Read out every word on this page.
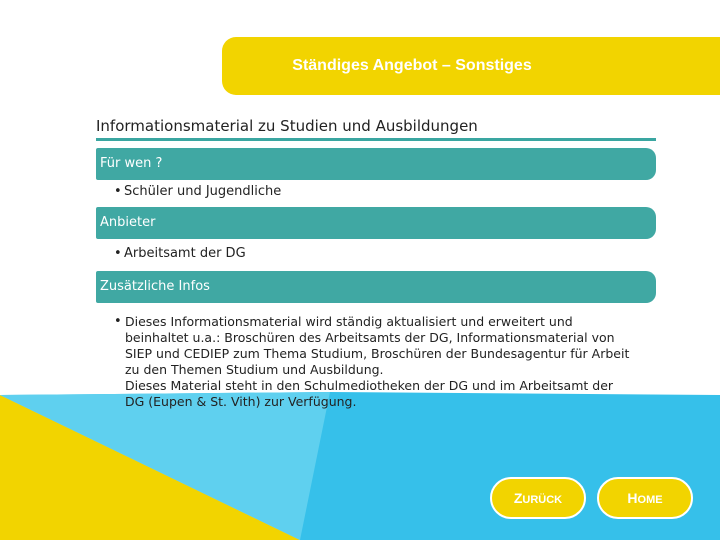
Ständiges Angebot – Sonstiges
Informationsmaterial zu Studien und Ausbildungen
Für wen ?
• Schüler und Jugendliche
Anbieter
• Arbeitsamt der DG
Zusätzliche Infos
• Dieses Informationsmaterial wird ständig aktualisiert und erweitert und
beinhaltet u.a.: Broschüren des Arbeitsamts der DG, Informationsmaterial von
SIEP und CEDIEP zum Thema Studium, Broschüren der Bundesagentur für Arbeit
zu den Themen Studium und Ausbildung.
Dieses Material steht in den Schulmediotheken der DG und im Arbeitsamt der
DG (Eupen & St. Vith) zur Verfügung.
ZURÜCK	HOME
